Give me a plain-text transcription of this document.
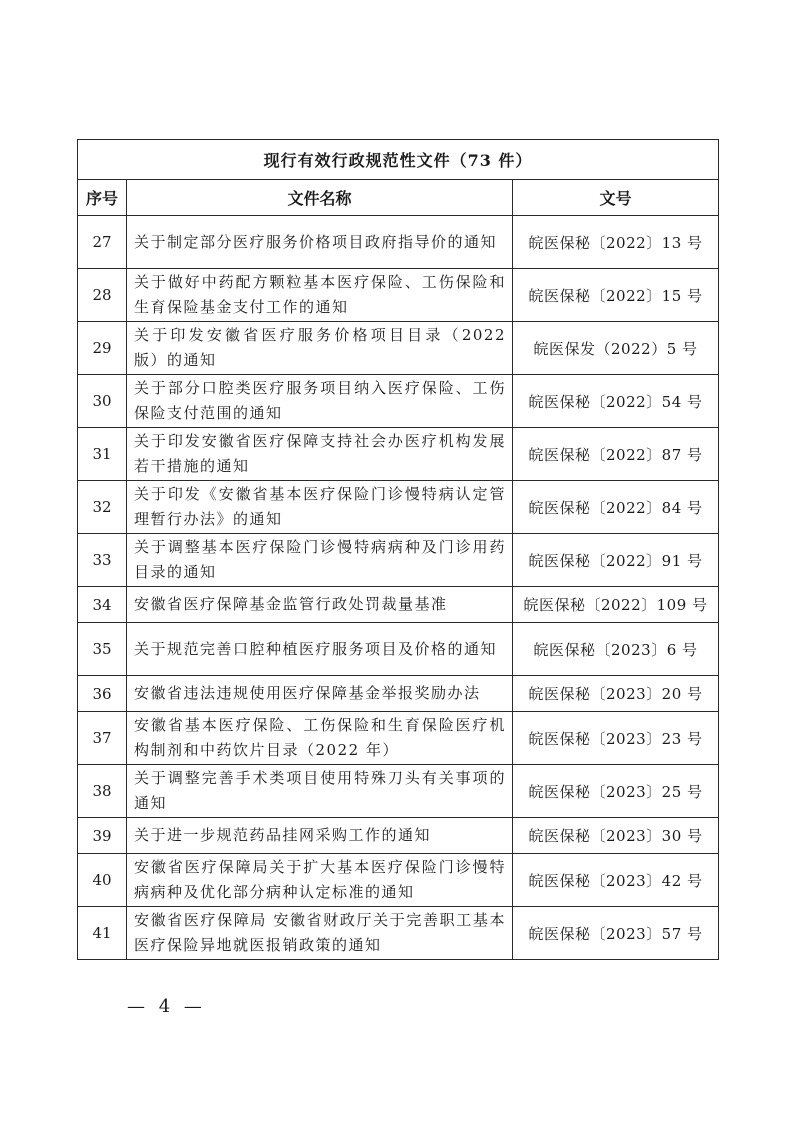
现行有效行政规范性文件（73 件）		
序号	文件名称	文号
27	关于制定部分医疗服务价格项目政府指导价的通知	皖医保秘〔2022〕13 号
28	关于做好中药配方颗粒基本医疗保险、工伤保险和生育保险基金支付工作的通知	皖医保秘〔2022〕15 号
29	关于印发安徽省医疗服务价格项目目录（2022 版）的通知	皖医保发（2022）5 号
30	关于部分口腔类医疗服务项目纳入医疗保险、工伤保险支付范围的通知	皖医保秘〔2022〕54 号
31	关于印发安徽省医疗保障支持社会办医疗机构发展若干措施的通知	皖医保秘〔2022〕87 号
32	关于印发《安徽省基本医疗保险门诊慢特病认定管理暂行办法》的通知	皖医保秘〔2022〕84 号
33	关于调整基本医疗保险门诊慢特病病种及门诊用药目录的通知	皖医保秘〔2022〕91 号
34	安徽省医疗保障基金监管行政处罚裁量基准	皖医保秘〔2022〕109 号
35	关于规范完善口腔种植医疗服务项目及价格的通知	皖医保秘〔2023〕6 号
36	安徽省违法违规使用医疗保障基金举报奖励办法	皖医保秘〔2023〕20 号
37	安徽省基本医疗保险、工伤保险和生育保险医疗机构制剂和中药饮片目录（2022 年）	皖医保秘〔2023〕23 号
38	关于调整完善手术类项目使用特殊刀头有关事项的通知	皖医保秘〔2023〕25 号
39	关于进一步规范药品挂网采购工作的通知	皖医保秘〔2023〕30 号
40	安徽省医疗保障局关于扩大基本医疗保险门诊慢特病病种及优化部分病种认定标准的通知	皖医保秘〔2023〕42 号
41	安徽省医疗保障局 安徽省财政厅关于完善职工基本医疗保险异地就医报销政策的通知	皖医保秘〔2023〕57 号
— 4 —
